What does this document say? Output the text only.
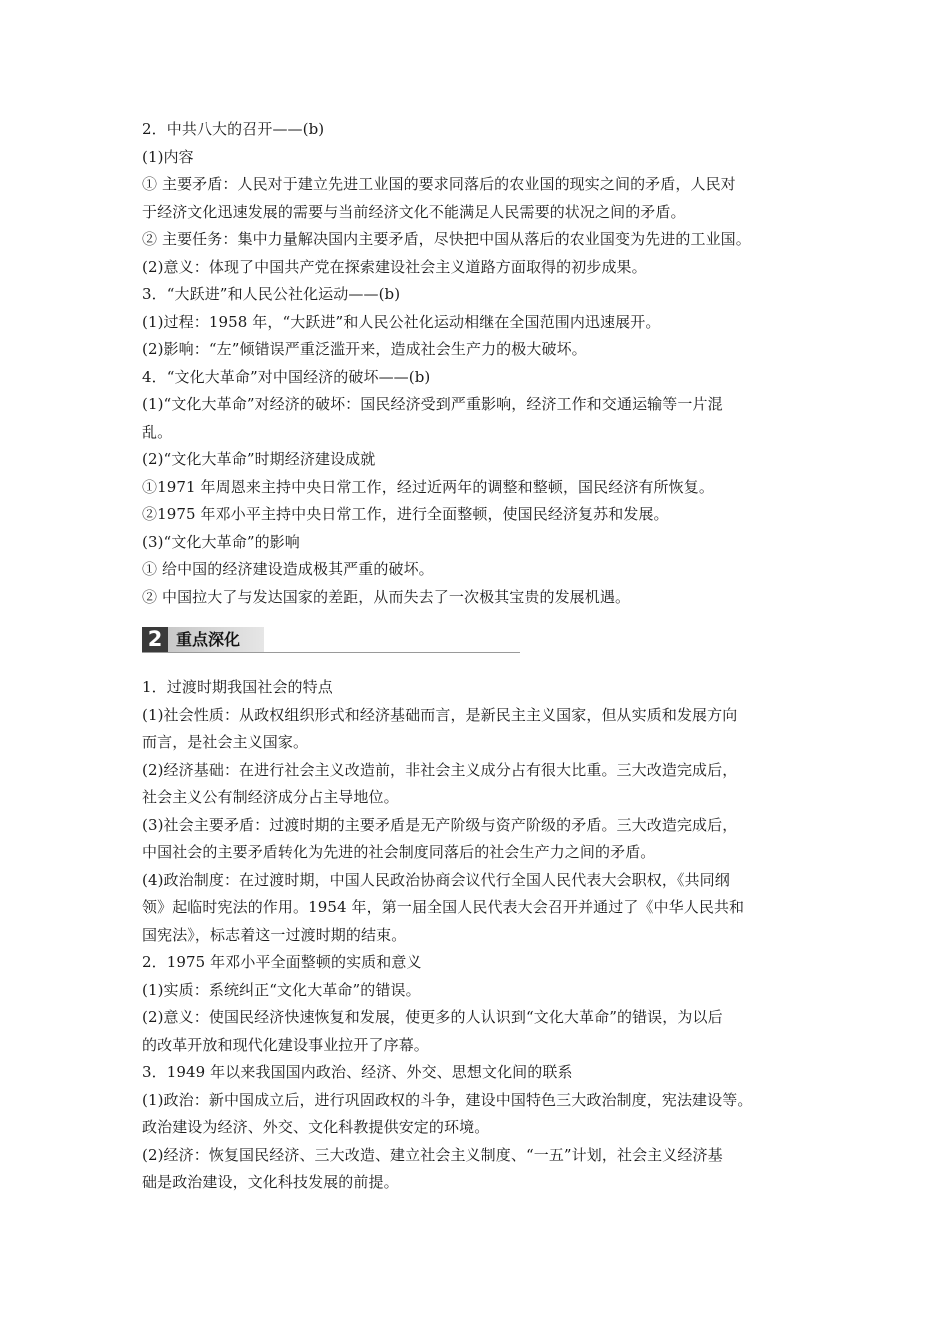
2．中共八大的召开——(b)
(1)内容
① 主要矛盾：人民对于建立先进工业国的要求同落后的农业国的现实之间的矛盾，人民对
于经济文化迅速发展的需要与当前经济文化不能满足人民需要的状况之间的矛盾。
② 主要任务：集中力量解决国内主要矛盾，尽快把中国从落后的农业国变为先进的工业国。
(2)意义：体现了中国共产党在探索建设社会主义道路方面取得的初步成果。
3．“大跃进”和人民公社化运动——(b)
(1)过程：1958 年，“大跃进”和人民公社化运动相继在全国范围内迅速展开。
(2)影响：“左”倾错误严重泛滥开来，造成社会生产力的极大破坏。
4．“文化大革命”对中国经济的破坏——(b)
(1)“文化大革命”对经济的破坏：国民经济受到严重影响，经济工作和交通运输等一片混
乱。
(2)“文化大革命”时期经济建设成就
①1971 年周恩来主持中央日常工作，经过近两年的调整和整顿，国民经济有所恢复。
②1975 年邓小平主持中央日常工作，进行全面整顿，使国民经济复苏和发展。
(3)“文化大革命”的影响
① 给中国的经济建设造成极其严重的破坏。
② 中国拉大了与发达国家的差距，从而失去了一次极其宝贵的发展机遇。
2 重点深化
1．过渡时期我国社会的特点
(1)社会性质：从政权组织形式和经济基础而言，是新民主主义国家，但从实质和发展方向
而言，是社会主义国家。
(2)经济基础：在进行社会主义改造前，非社会主义成分占有很大比重。三大改造完成后，
社会主义公有制经济成分占主导地位。
(3)社会主要矛盾：过渡时期的主要矛盾是无产阶级与资产阶级的矛盾。三大改造完成后，
中国社会的主要矛盾转化为先进的社会制度同落后的社会生产力之间的矛盾。
(4)政治制度：在过渡时期，中国人民政治协商会议代行全国人民代表大会职权，《共同纲
领》起临时宪法的作用。1954 年，第一届全国人民代表大会召开并通过了《中华人民共和
国宪法》，标志着这一过渡时期的结束。
2．1975 年邓小平全面整顿的实质和意义
(1)实质：系统纠正“文化大革命”的错误。
(2)意义：使国民经济快速恢复和发展，使更多的人认识到“文化大革命”的错误，为以后
的改革开放和现代化建设事业拉开了序幕。
3．1949 年以来我国国内政治、经济、外交、思想文化间的联系
(1)政治：新中国成立后，进行巩固政权的斗争，建设中国特色三大政治制度，宪法建设等。
政治建设为经济、外交、文化科教提供安定的环境。
(2)经济：恢复国民经济、三大改造、建立社会主义制度、“一五”计划，社会主义经济基
础是政治建设，文化科技发展的前提。
